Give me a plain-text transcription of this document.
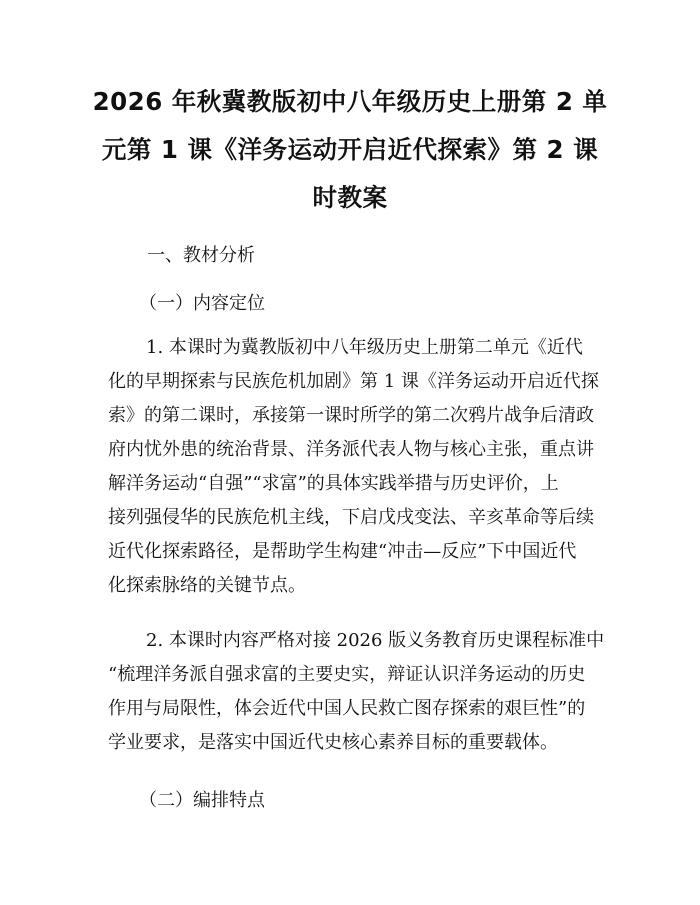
2026 年秋冀教版初中八年级历史上册第 2 单
元第 1 课《洋务运动开启近代探索》第 2 课
时教案
一、教材分析
（一）内容定位
1. 本课时为冀教版初中八年级历史上册第二单元《近代
化的早期探索与民族危机加剧》第 1 课《洋务运动开启近代探
索》的第二课时，承接第一课时所学的第二次鸦片战争后清政
府内忧外患的统治背景、洋务派代表人物与核心主张，重点讲
解洋务运动“自强”“求富”的具体实践举措与历史评价，上
接列强侵华的民族危机主线，下启戊戌变法、辛亥革命等后续
近代化探索路径，是帮助学生构建“冲击—反应”下中国近代
化探索脉络的关键节点。
2. 本课时内容严格对接 2026 版义务教育历史课程标准中
“梳理洋务派自强求富的主要史实，辩证认识洋务运动的历史
作用与局限性，体会近代中国人民救亡图存探索的艰巨性”的
学业要求，是落实中国近代史核心素养目标的重要载体。
（二）编排特点
